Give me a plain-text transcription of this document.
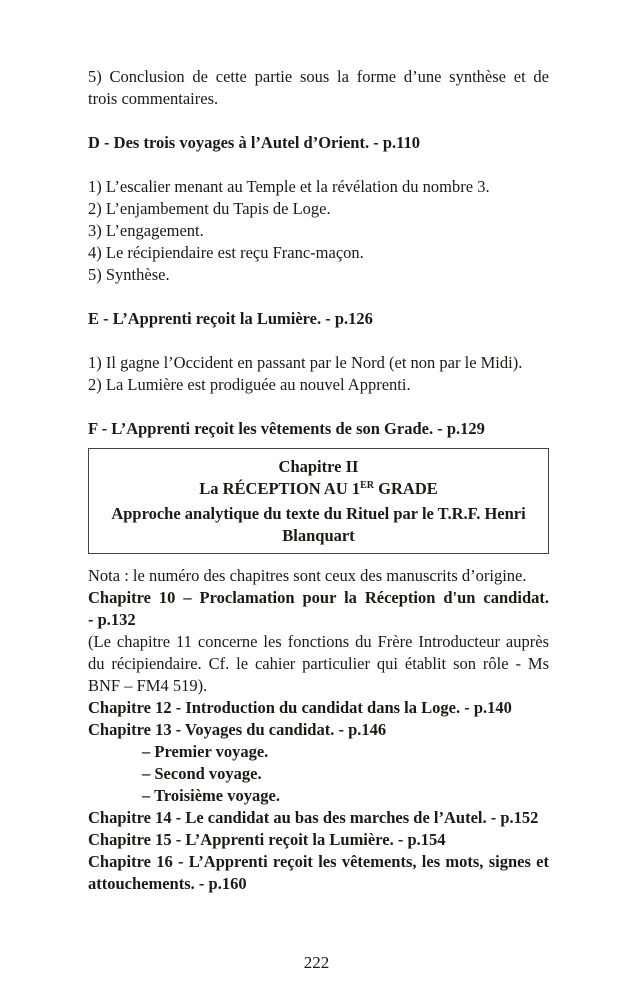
5) Conclusion de cette partie sous la forme d’une synthèse et de

trois commentaires.

D - Des trois voyages à l’Autel d’Orient. - p.110

1) L’escalier menant au Temple et la révélation du nombre 3.

2) L’enjambement du Tapis de Loge.

3) L’engagement.

4) Le récipiendaire est reçu Franc-maçon.

5) Synthèse.

E - L’Apprenti reçoit la Lumière. - p.126

1) Il gagne l’Occident en passant par le Nord (et non par le Midi).

2) La Lumière est prodiguée au nouvel Apprenti.

F - L’Apprenti reçoit les vêtements de son Grade. - p.129

Chapitre II

La RÉCEPTION AU 1ER GRADE

Approche analytique du texte du Rituel par le T.R.F. Henri

Blanquart

Nota : le numéro des chapitres sont ceux des manuscrits d’origine.

Chapitre 10 – Proclamation pour la Réception d'un candidat.

- p.132

(Le chapitre 11 concerne les fonctions du Frère Introducteur auprès

du récipiendaire. Cf. le cahier particulier qui établit son rôle - Ms

BNF – FM4 519).

Chapitre 12 - Introduction du candidat dans la Loge. - p.140

Chapitre 13 - Voyages du candidat. - p.146

– Premier voyage.

– Second voyage.

– Troisième voyage.

Chapitre 14 - Le candidat au bas des marches de l’Autel. - p.152

Chapitre 15 - L’Apprenti reçoit la Lumière. - p.154

Chapitre 16 - L’Apprenti reçoit les vêtements, les mots, signes et

attouchements. - p.160

222
